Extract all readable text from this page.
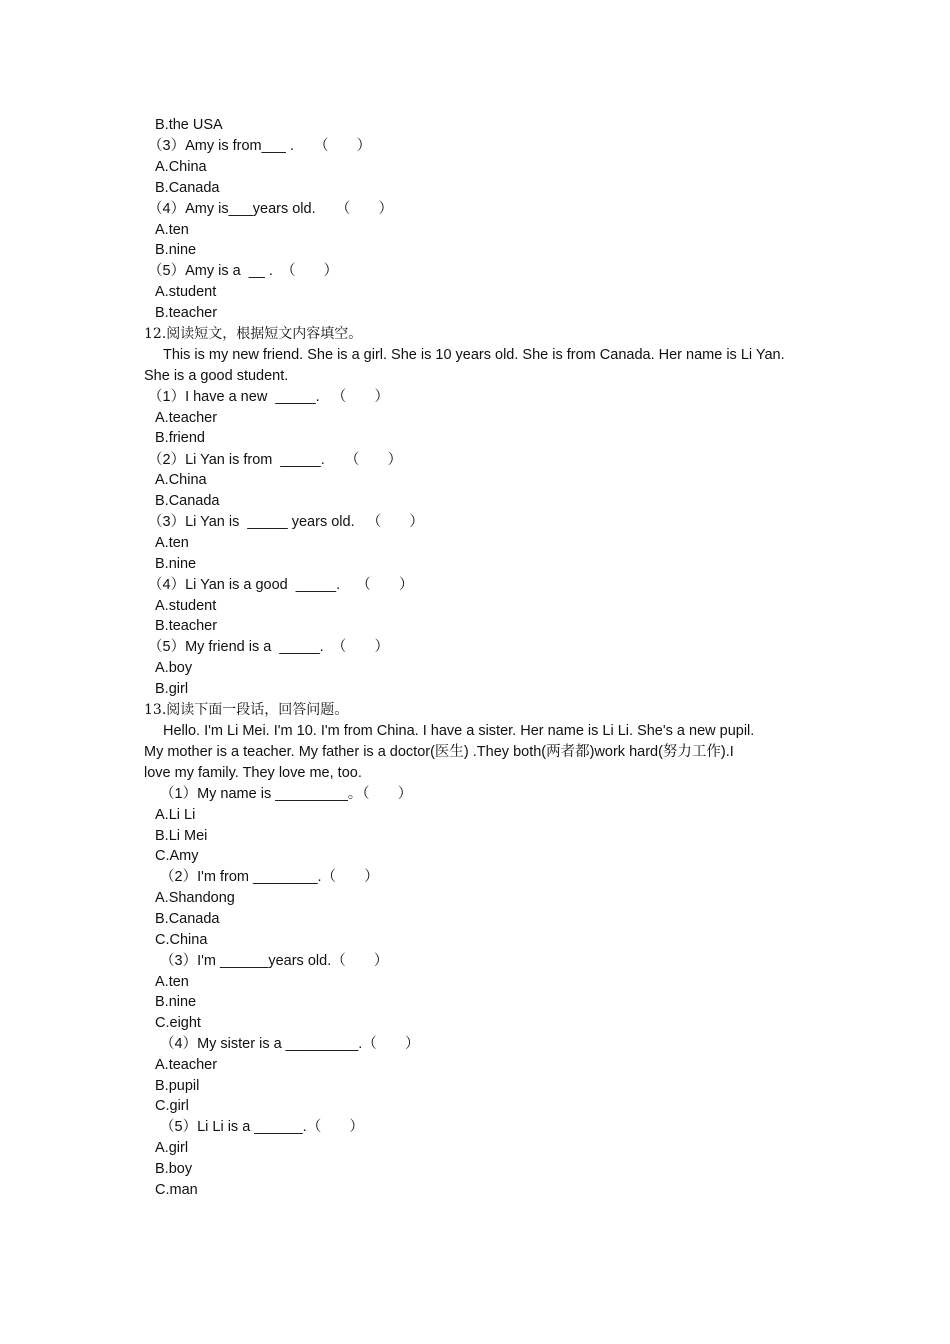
B.the USA
（3）Amy is from___ .     （       ）
A.China
B.Canada
（4）Amy is___years old.     （       ）
A.ten
B.nine
（5）Amy is a  __ .  （       ）
A.student
B.teacher
12.阅读短文，根据短文内容填空。
This is my new friend. She is a girl. She is 10 years old. She is from Canada. Her name is Li Yan.
She is a good student.
（1）I have a new  _____.   （       ）
A.teacher
B.friend
（2）Li Yan is from  _____.     （       ）
A.China
B.Canada
（3）Li Yan is  _____ years old.   （       ）
A.ten
B.nine
（4）Li Yan is a good  _____.    （       ）
A.student
B.teacher
（5）My friend is a  _____.  （       ）
A.boy
B.girl
13.阅读下面一段话，回答问题。
Hello. I'm Li Mei. I'm 10. I'm from China. I have a sister. Her name is Li Li. She's a new pupil.
My mother is a teacher. My father is a doctor(医生) .They both(两者都)work hard(努力工作).I
love my family. They love me, too.
（1）My name is _________。（       ）
A.Li Li
B.Li Mei
C.Amy
（2）I'm from ________.（       ）
A.Shandong
B.Canada
C.China
（3）I'm ______years old.（       ）
A.ten
B.nine
C.eight
（4）My sister is a _________.（       ）
A.teacher
B.pupil
C.girl
（5）Li Li is a ______.（       ）
A.girl
B.boy
C.man
